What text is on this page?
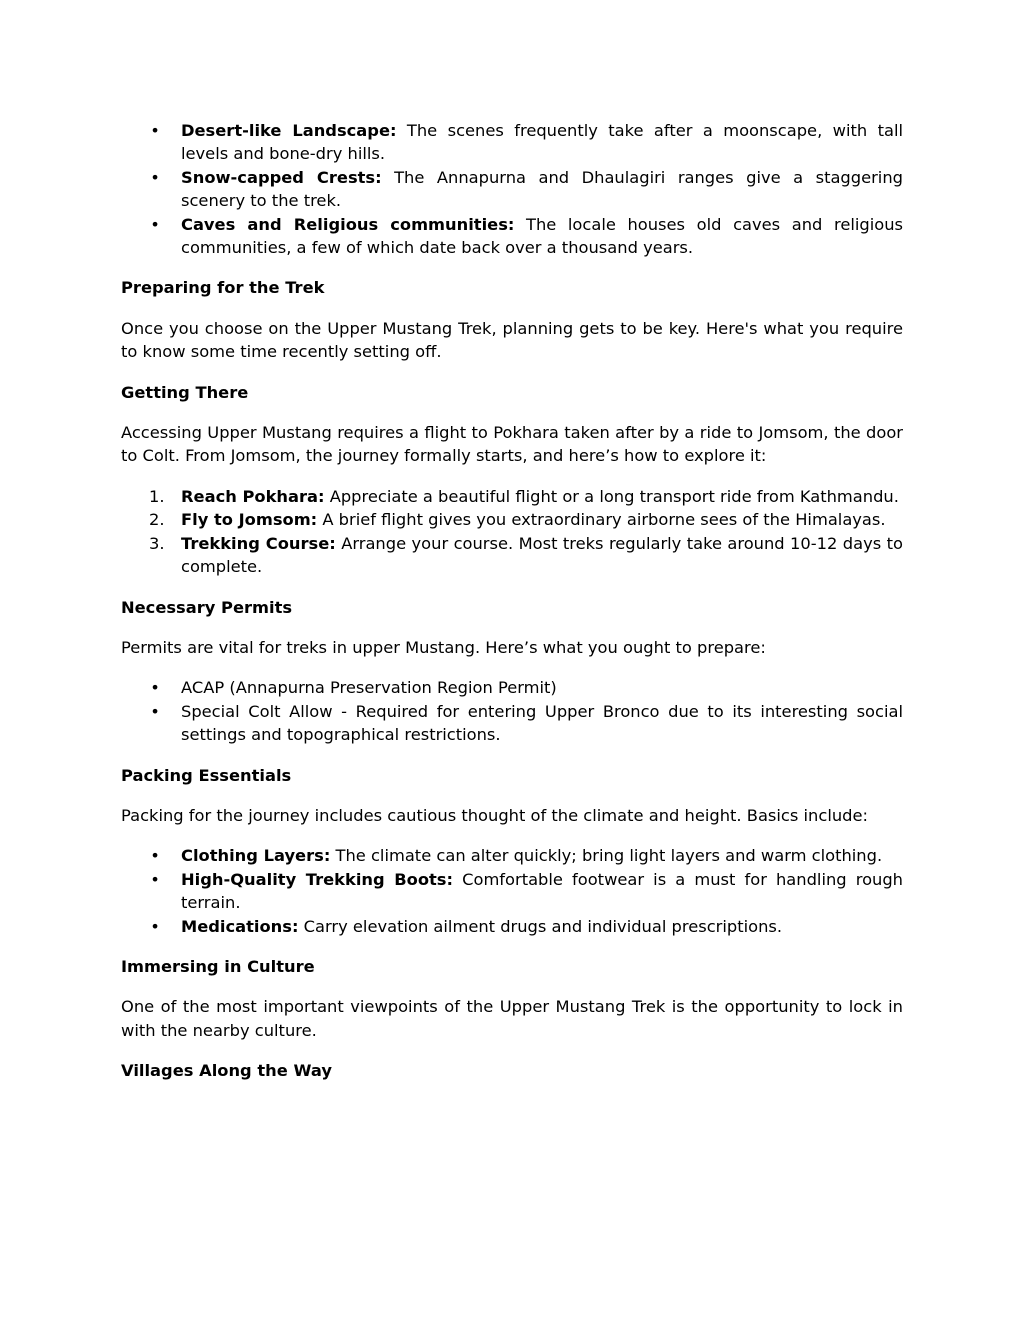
• Desert-like Landscape: The scenes frequently take after a moonscape, with tall levels and bone-dry hills.
• Snow-capped Crests: The Annapurna and Dhaulagiri ranges give a staggering scenery to the trek.
• Caves and Religious communities: The locale houses old caves and religious communities, a few of which date back over a thousand years.
Preparing for the Trek

Once you choose on the Upper Mustang Trek, planning gets to be key. Here's what you require to know some time recently setting off.

Getting There

Accessing Upper Mustang requires a flight to Pokhara taken after by a ride to Jomsom, the door to Colt. From Jomsom, the journey formally starts, and here’s how to explore it:

1. Reach Pokhara: Appreciate a beautiful flight or a long transport ride from Kathmandu.
2. Fly to Jomsom: A brief flight gives you extraordinary airborne sees of the Himalayas.
3. Trekking Course: Arrange your course. Most treks regularly take around 10-12 days to complete.
Necessary Permits

Permits are vital for treks in upper Mustang. Here’s what you ought to prepare:

• ACAP (Annapurna Preservation Region Permit)
• Special Colt Allow - Required for entering Upper Bronco due to its interesting social settings and topographical restrictions.
Packing Essentials

Packing for the journey includes cautious thought of the climate and height. Basics include:

• Clothing Layers: The climate can alter quickly; bring light layers and warm clothing.
• High-Quality Trekking Boots: Comfortable footwear is a must for handling rough terrain.
• Medications: Carry elevation ailment drugs and individual prescriptions.
Immersing in Culture

One of the most important viewpoints of the Upper Mustang Trek is the opportunity to lock in with the nearby culture.

Villages Along the Way
